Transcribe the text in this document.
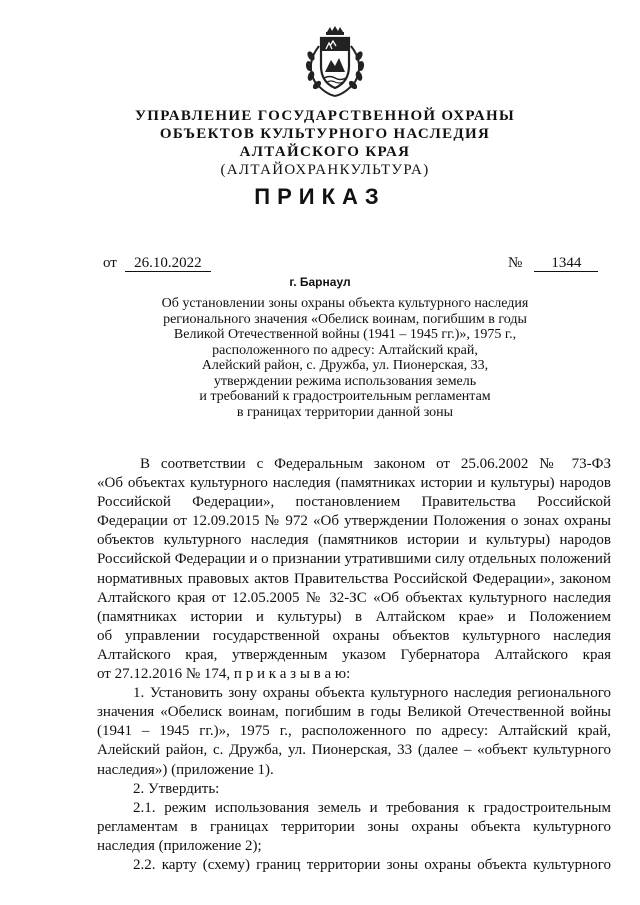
УПРАВЛЕНИЕ ГОСУДАРСТВЕННОЙ ОХРАНЫ

ОБЪЕКТОВ КУЛЬТУРНОГО НАСЛЕДИЯ

АЛТАЙСКОГО КРАЯ

(АЛТАЙОХРАНКУЛЬТУРА)

ПРИКАЗ

от 26.10.2022	№ 1344
г. Барнаул

Об установлении зоны охраны объекта культурного наследия

регионального значения «Обелиск воинам, погибшим в годы

Великой Отечественной войны (1941 – 1945 гг.)», 1975 г.,

расположенного по адресу: Алтайский край,

Алейский район, с. Дружба, ул. Пионерская, 33,

утверждении режима использования земель

и требований к градостроительным регламентам

в границах территории данной зоны

В соответствии с Федеральным законом от 25.06.2002 № 73-ФЗ

«Об объектах культурного наследия (памятниках истории и культуры) народов

Российской Федерации», постановлением Правительства Российской

Федерации от 12.09.2015 № 972 «Об утверждении Положения о зонах охраны

объектов культурного наследия (памятников истории и культуры) народов

Российской Федерации и о признании утратившими силу отдельных положений

нормативных правовых актов Правительства Российской Федерации», законом

Алтайского края от 12.05.2005 № 32-ЗС «Об объектах культурного наследия

(памятниках истории и культуры) в Алтайском крае» и Положением

об управлении государственной охраны объектов культурного наследия

Алтайского края, утвержденным указом Губернатора Алтайского края

от 27.12.2016 № 174, п р и к а з ы в а ю:

1. Установить зону охраны объекта культурного наследия регионального

значения «Обелиск воинам, погибшим в годы Великой Отечественной войны

(1941 – 1945 гг.)», 1975 г., расположенного по адресу: Алтайский край,

Алейский район, с. Дружба, ул. Пионерская, 33 (далее – «объект культурного

наследия») (приложение 1).

2. Утвердить:

2.1. режим использования земель и требования к градостроительным

регламентам в границах территории зоны охраны объекта культурного

наследия (приложение 2);

2.2. карту (схему) границ территории зоны охраны объекта культурного
